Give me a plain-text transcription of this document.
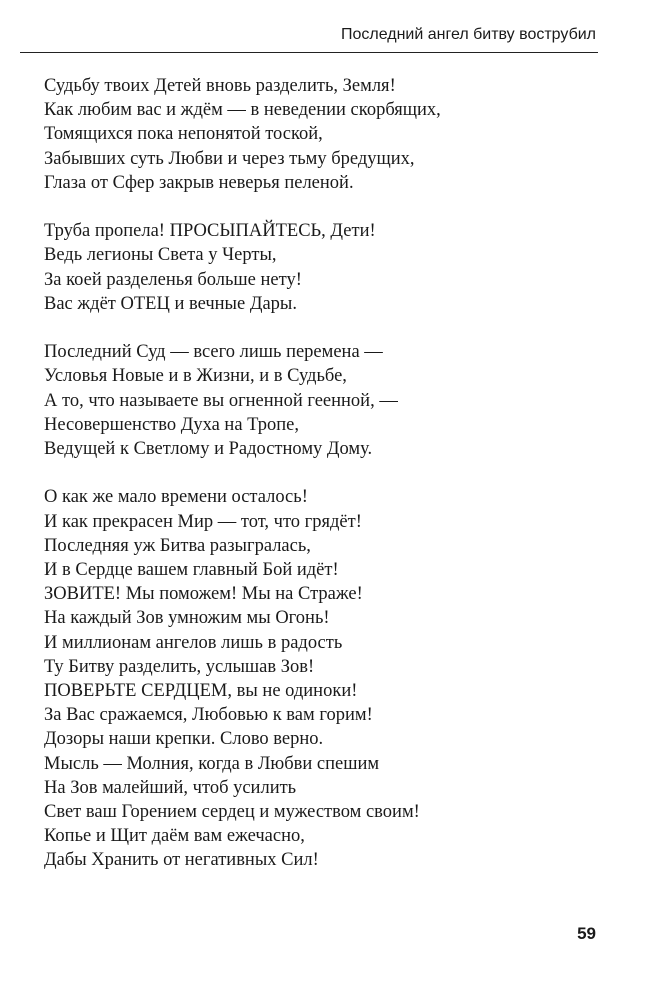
Последний ангел битву вострубил
Судьбу твоих Детей вновь разделить, Земля!
Как любим вас и ждём — в неведении скорбящих,
Томящихся пока непонятой тоской,
Забывших суть Любви и через тьму бредущих,
Глаза от Сфер закрыв неверья пеленой.
Труба пропела! ПРОСЫПАЙТЕСЬ, Дети!
Ведь легионы Света у Черты,
За коей разделенья больше нету!
Вас ждёт ОТЕЦ и вечные Дары.
Последний Суд — всего лишь перемена —
Условья Новые и в Жизни, и в Судьбе,
А то, что называете вы огненной геенной, —
Несовершенство Духа на Тропе,
Ведущей к Светлому и Радостному Дому.
О как же мало времени осталось!
И как прекрасен Мир — тот, что грядёт!
Последняя уж Битва разыгралась,
И в Сердце вашем главный Бой идёт!
ЗОВИТЕ! Мы поможем! Мы на Страже!
На каждый Зов умножим мы Огонь!
И миллионам ангелов лишь в радость
Ту Битву разделить, услышав Зов!
ПОВЕРЬТЕ СЕРДЦЕМ, вы не одиноки!
За Вас сражаемся, Любовью к вам горим!
Дозоры наши крепки. Слово верно.
Мысль — Молния, когда в Любви спешим
На Зов малейший, чтоб усилить
Свет ваш Горением сердец и мужеством своим!
Копье и Щит даём вам ежечасно,
Дабы Хранить от негативных Сил!
59
